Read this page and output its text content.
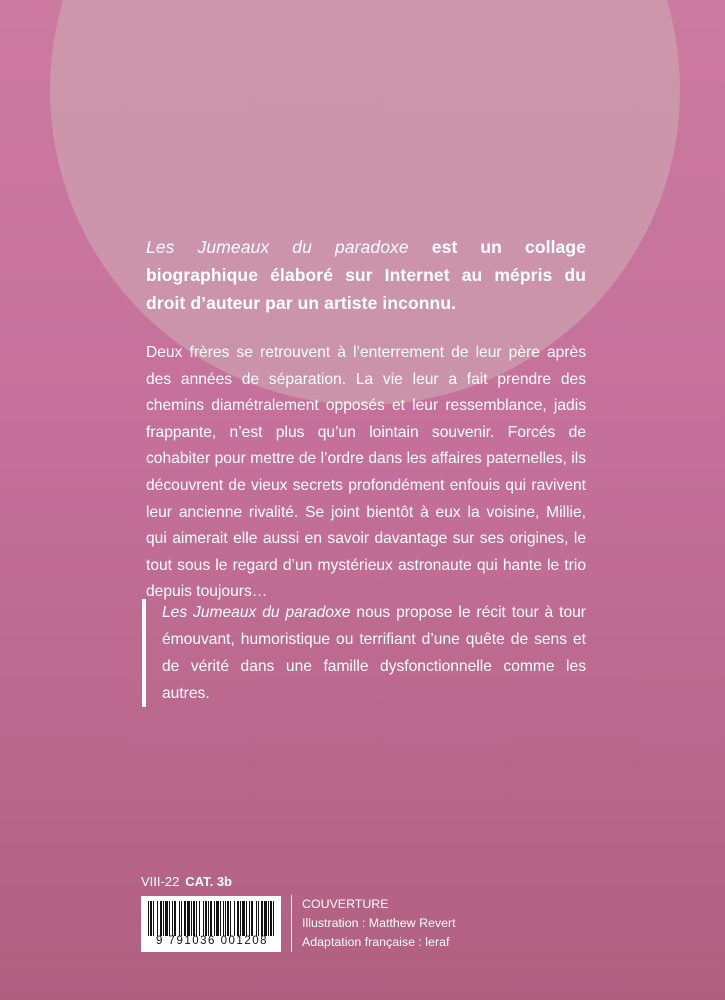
Les Jumeaux du paradoxe est un collage biographique élaboré sur Internet au mépris du droit d’auteur par un artiste inconnu.

Deux frères se retrouvent à l’enterrement de leur père après des années de séparation. La vie leur a fait prendre des chemins diamétralement opposés et leur ressemblance, jadis frappante, n’est plus qu’un lointain souvenir. Forcés de cohabiter pour mettre de l’ordre dans les affaires paternelles, ils découvrent de vieux secrets profondément enfouis qui ravivent leur ancienne rivalité. Se joint bientôt à eux la voisine, Millie, qui aimerait elle aussi en savoir davantage sur ses origines, le tout sous le regard d’un mystérieux astronaute qui hante le trio depuis toujours…

Les Jumeaux du paradoxe nous propose le récit tour à tour émouvant, humoristique ou terrifiant d’une quête de sens et de vérité dans une famille dysfonctionnelle comme les autres.
VIII-22 CAT. 3b
9 791036 001208
COUVERTURE
Illustration : Matthew Revert
Adaptation française : leraf
